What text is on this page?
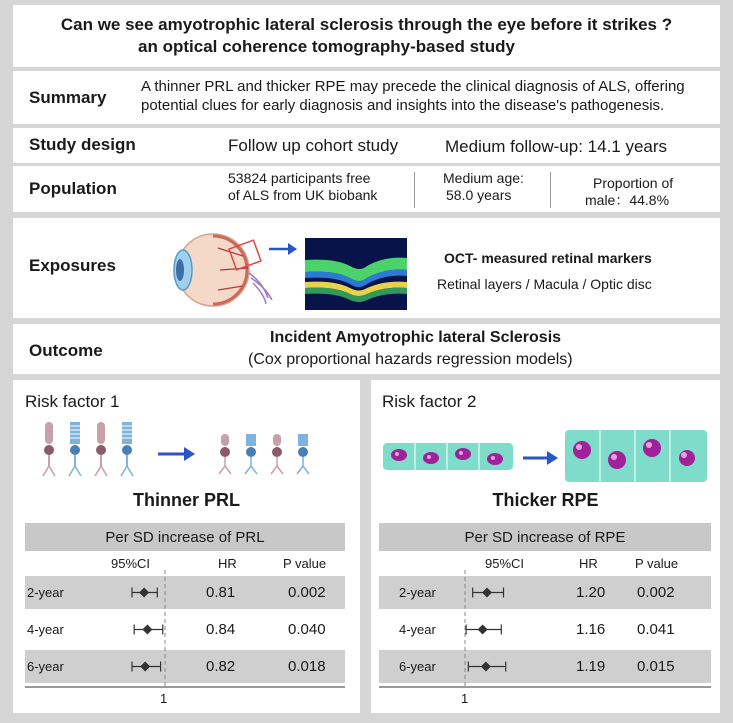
Can we see amyotrophic lateral sclerosis through the eye before it strikes ?
an optical coherence tomography-based study
Summary
A thinner PRL and thicker RPE may precede the clinical diagnosis of ALS, offering
potential clues for early diagnosis and insights into the disease's pathogenesis.
Study design	Follow up cohort study	Medium follow-up: 14.1 years
Population
53824 participants free
of ALS from UK biobank
Medium age:
58.0 years
Proportion of
male：44.8%
Exposures	OCT- measured retinal markers
Retinal layers / Macula / Optic disc
Outcome
Incident Amyotrophic lateral Sclerosis
(Cox proportional hazards regression models)
Risk factor 1
Thinner PRL
Per SD increase of PRL
95%CI	HR	P value
2-year	0.81	0.002
4-year	0.84	0.040
6-year	0.82	0.018
1
Risk factor 2
Thicker RPE
Per SD increase of RPE
95%CI	HR	P value
2-year	1.20 0.002
4-year	1.16 0.041
6-year	1.19 0.015
1
